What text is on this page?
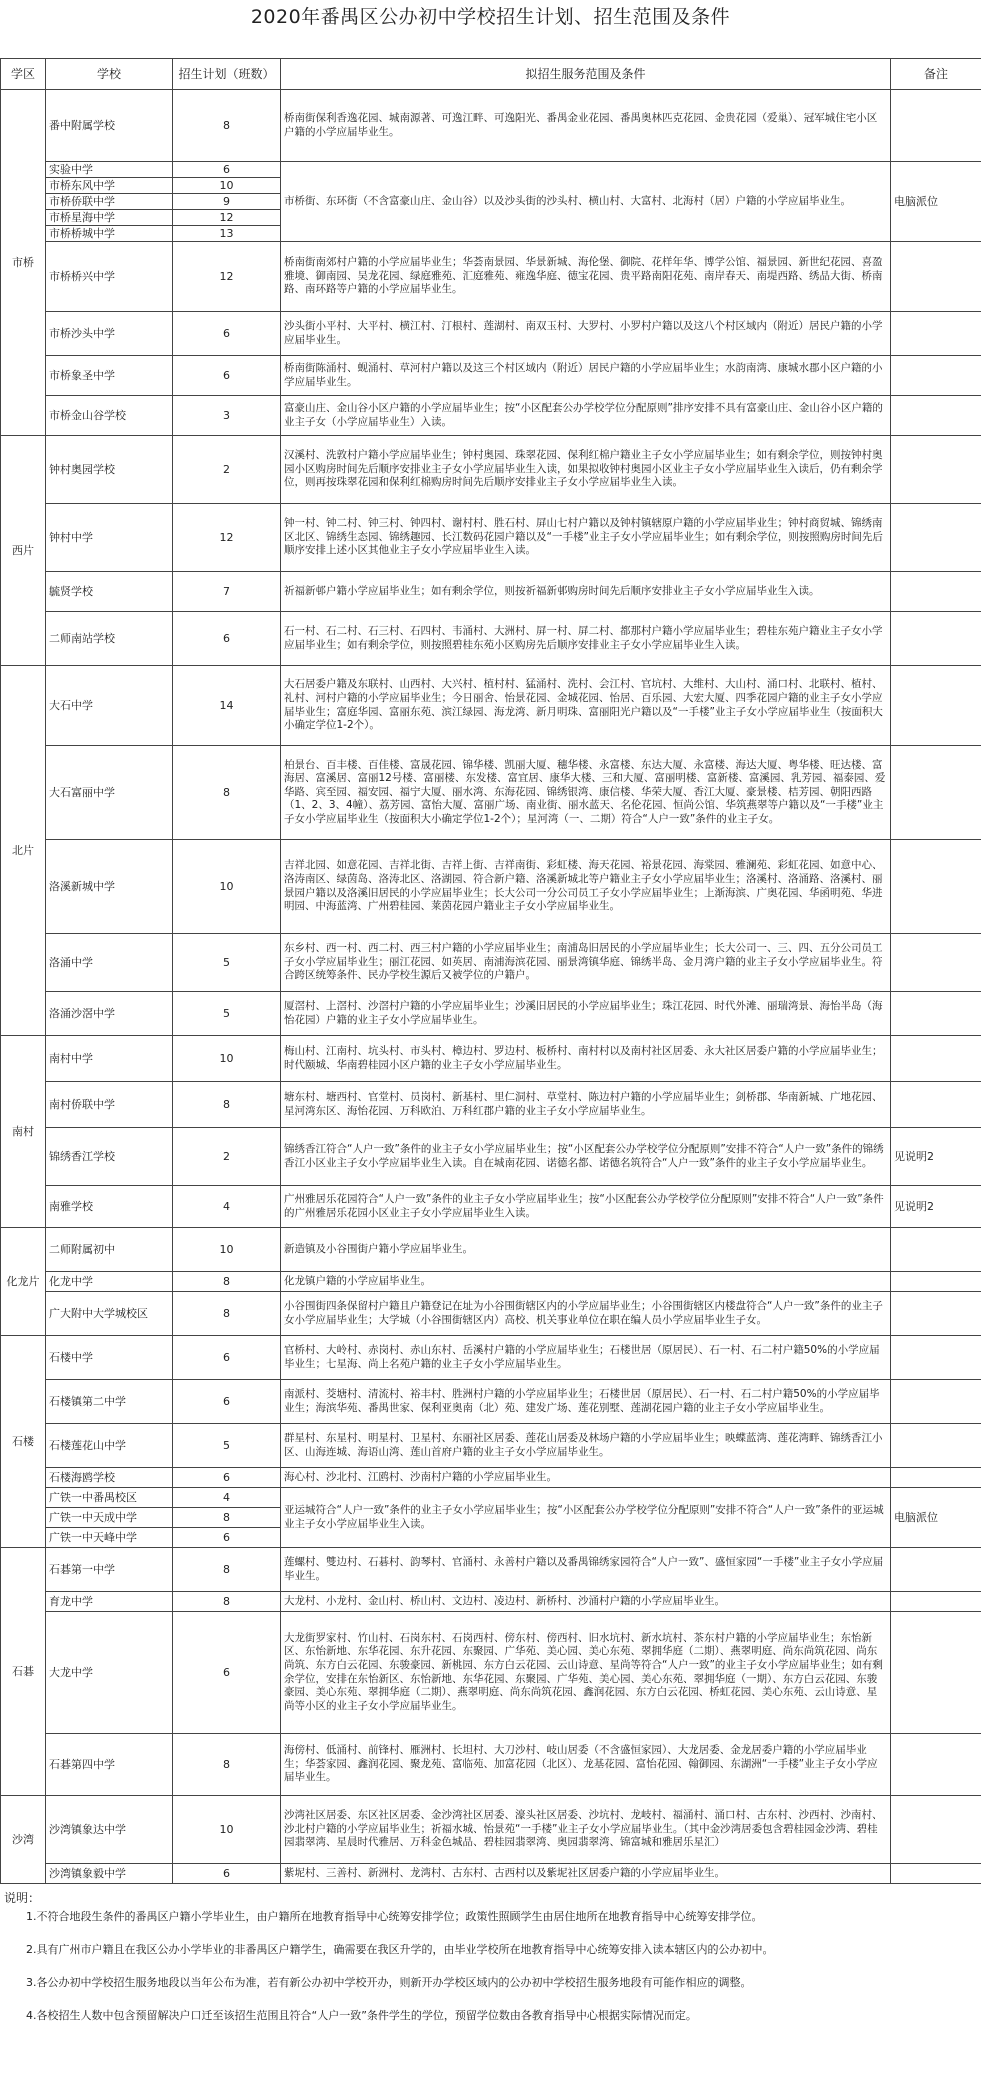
2020年番禺区公办初中学校招生计划、招生范围及条件
学区	学校	招生计划（班数）	拟招生服务范围及条件	备注
市桥	番中附属学校	8	桥南街保利香逸花园、城南源著、可逸江畔、可逸阳光、番禺金业花园、番禺奥林匹克花园、金贵花园（爱巢）、冠军城住宅小区户籍的小学应届毕业生。	
	实验中学	6	市桥街、东环街（不含富豪山庄、金山谷）以及沙头街的沙头村、横山村、大富村、北海村（居）户籍的小学应届毕业生。	电脑派位
	市桥东风中学	10		
	市桥侨联中学	9		
	市桥星海中学	12		
	市桥桥城中学	13		
	市桥桥兴中学	12	桥南街南郊村户籍的小学应届毕业生；华荟南景园、华景新城、海伦堡、御院、花样年华、博学公馆、福景园、新世纪花园、喜盈雅境、御南园、吴龙花园、绿庭雅苑、汇庭雅苑、雍逸华庭、德宝花园、贵平路南阳花苑、南岸春天、南堤西路、绣品大街、桥南路、南环路等户籍的小学应届毕业生。	
	市桥沙头中学	6	沙头街小平村、大平村、横江村、汀根村、莲湖村、南双玉村、大罗村、小罗村户籍以及这八个村区域内（附近）居民户籍的小学应届毕业生。	
	市桥象圣中学	6	桥南街陈涌村、蚬涌村、草河村户籍以及这三个村区域内（附近）居民户籍的小学应届毕业生；水韵南湾、康城水郡小区户籍的小学应届毕业生。	
	市桥金山谷学校	3	富豪山庄、金山谷小区户籍的小学应届毕业生；按“小区配套公办学校学位分配原则”排序安排不具有富豪山庄、金山谷小区户籍的业主子女（小学应届毕业生）入读。	
西片	钟村奥园学校	2	汉溪村、洗敦村户籍小学应届毕业生；钟村奥园、珠翠花园、保利红棉户籍业主子女小学应届毕业生；如有剩余学位，则按钟村奥园小区购房时间先后顺序安排业主子女小学应届毕业生入读，如果拟收钟村奥园小区业主子女小学应届毕业生入读后，仍有剩余学位，则再按珠翠花园和保利红棉购房时间先后顺序安排业主子女小学应届毕业生入读。	
	钟村中学	12	钟一村、钟二村、钟三村、钟四村、谢村村、胜石村、屏山七村户籍以及钟村镇辖原户籍的小学应届毕业生；钟村商贸城、锦绣南区北区、锦绣生态园、锦绣趣园、长江数码花园户籍以及“一手楼”业主子女小学应届毕业生；如有剩余学位，则按照购房时间先后顺序安排上述小区其他业主子女小学应届毕业生入读。	
	毓贤学校	7	祈福新邨户籍小学应届毕业生；如有剩余学位，则按祈福新邨购房时间先后顺序安排业主子女小学应届毕业生入读。	
	二师南站学校	6	石一村、石二村、石三村、石四村、韦涌村、大洲村、屏一村、屏二村、都那村户籍小学应届毕业生；碧桂东苑户籍业主子女小学应届毕业生；如有剩余学位，则按照碧桂东苑小区购房先后顺序安排业主子女小学应届毕业生入读。	
北片	大石中学	14	大石居委户籍及东联村、山西村、大兴村、植村村、猛涌村、洗村、会江村、官坑村、大维村、大山村、涌口村、北联村、植村、礼村、河村户籍的小学应届毕业生；今日丽舍、怡景花园、金城花园、怡居、百乐园、大宏大厦、四季花园户籍的业主子女小学应届毕业生；富庭华园、富丽东苑、滨江绿园、海龙湾、新月明珠、富丽阳光户籍以及“一手楼”业主子女小学应届毕业生（按面积大小确定学位1-2个）。	
	大石富丽中学	8	柏景台、百丰楼、百佳楼、富晟花园、锦华楼、凯丽大厦、穗华楼、永富楼、东达大厦、永富楼、海达大厦、粤华楼、旺达楼、富海居、富溪居、富丽12号楼、富丽楼、东发楼、富宜居、康华大楼、三和大厦、富丽明楼、富新楼、富溪园、乳芳园、福泰园、爱华路、宾至园、福安园、福宁大厦、丽水湾、东海花园、锦绣银湾、康信楼、华荣大厦、香江大厦、豪景楼、桔芳园、朝阳西路（1、2、3、4幢）、荔芳园、富怡大厦、富丽广场、南业街、丽水蓝天、名伦花园、恒尚公馆、华筑燕翠等户籍以及“一手楼”业主子女小学应届毕业生（按面积大小确定学位1-2个）；星河湾（一、二期）符合“人户一致”条件的业主子女。	
	洛溪新城中学	10	吉祥北园、如意花园、吉祥北街、吉祥上街、吉祥南街、彩虹楼、海天花园、裕景花园、海棠园、雅澜苑、彩虹花园、如意中心、洛涛南区、绿茵岛、洛涛北区、洛湖园、符合新户籍、洛溪新城北等户籍业主子女小学应届毕业生；洛溪村、洛涌路、洛溪村、丽景园户籍以及洛溪旧居民的小学应届毕业生；长大公司一分公司员工子女小学应届毕业生；上渐海滨、广奥花园、华函明苑、华进明园、中海蓝湾、广州碧桂园、莱茵花园户籍业主子女小学应届毕业生。	
	洛涌中学	5	东乡村、西一村、西二村、西三村户籍的小学应届毕业生；南浦岛旧居民的小学应届毕业生；长大公司一、三、四、五分公司员工子女小学应届毕业生；丽江花园、如英居、南浦海滨花园、丽景湾镇华庭、锦绣半岛、金月湾户籍的业主子女小学应届毕业生。符合跨区统筹条件、民办学校生源后又被学位的户籍户。	
	洛涌沙滘中学	5	厦滘村、上滘村、沙滘村户籍的小学应届毕业生；沙溪旧居民的小学应届毕业生；珠江花园、时代外滩、丽瑞湾景、海怡半岛（海怡花园）户籍的业主子女小学应届毕业生。	
南村	南村中学	10	梅山村、江南村、坑头村、市头村、樟边村、罗边村、板桥村、南村村以及南村社区居委、永大社区居委户籍的小学应届毕业生；时代颐城、华南碧桂园小区户籍的业主子女小学应届毕业生。	
	南村侨联中学	8	塘东村、塘西村、官堂村、员岗村、新基村、里仁洞村、草堂村、陈边村户籍的小学应届毕业生；剑桥郡、华南新城、广地花园、星河湾东区、海怡花园、万科欧泊、万科红郡户籍的业主子女小学应届毕业生。	
	锦绣香江学校	2	锦绣香江符合“人户一致”条件的业主子女小学应届毕业生；按“小区配套公办学校学位分配原则”安排不符合“人户一致”条件的锦绣香江小区业主子女小学应届毕业生入读。自在城南花园、诺德名都、诺德名筑符合“人户一致”条件的业主子女小学应届毕业生。	见说明2
	南雅学校	4	广州雅居乐花园符合“人户一致”条件的业主子女小学应届毕业生；按“小区配套公办学校学位分配原则”安排不符合“人户一致”条件的广州雅居乐花园小区业主子女小学应届毕业生入读。	见说明2
化龙片	二师附属初中	10	新造镇及小谷围街户籍小学应届毕业生。	
	化龙中学	8	化龙镇户籍的小学应届毕业生。	
	广大附中大学城校区	8	小谷围街四条保留村户籍且户籍登记在址为小谷围街辖区内的小学应届毕业生；小谷围街辖区内楼盘符合“人户一致”条件的业主子女小学应届毕业生；大学城（小谷围街辖区内）高校、机关事业单位在职在编人员小学应届毕业生子女。	
石楼	石楼中学	6	官桥村、大岭村、赤岗村、赤山东村、岳溪村户籍的小学应届毕业生；石楼世居（原居民）、石一村、石二村户籍50%的小学应届毕业生；七星海、尚上名苑户籍的业主子女小学应届毕业生。	
	石楼镇第二中学	6	南派村、茭塘村、清流村、裕丰村、胜洲村户籍的小学应届毕业生；石楼世居（原居民）、石一村、石二村户籍50%的小学应届毕业生；海滨华苑、番禺世家、保利亚奥南（北）苑、建发广场、莲花别墅、莲湖花园户籍的业主子女小学应届毕业生。	
	石楼莲花山中学	5	群星村、东星村、明星村、卫星村、东丽社区居委、莲花山居委及林场户籍的小学应届毕业生；映蝶蓝湾、莲花湾畔、锦绣香江小区、山海连城、海语山湾、莲山首府户籍的业主子女小学应届毕业生。	
	石楼海鸥学校	6	海心村、沙北村、江鸥村、沙南村户籍的小学应届毕业生。	
	广铁一中番禺校区	4	亚运城符合“人户一致”条件的业主子女小学应届毕业生；按“小区配套公办学校学位分配原则”安排不符合“人户一致”条件的亚运城业主子女小学应届毕业生入读。	电脑派位
	广铁一中天成中学	8		
	广铁一中天峰中学	6		
石碁	石碁第一中学	8	莲螺村、雙边村、石碁村、韵琴村、官涌村、永善村户籍以及番禺锦绣家园符合“人户一致”、盛恒家园“一手楼”业主子女小学应届毕业生。	
	育龙中学	8	大龙村、小龙村、金山村、桥山村、文边村、凌边村、新桥村、沙涌村户籍的小学应届毕业生。	
	大龙中学	6	大龙街罗家村、竹山村、石岗东村、石岗西村、傍东村、傍西村、旧水坑村、新水坑村、茶东村户籍的小学应届毕业生；东怡新区、东怡新地、东华花园、东升花园、东聚园、广华苑、美心园、美心东苑、翠拥华庭（二期）、燕翠明庭、尚东尚筑花园、尚东尚筑、东方白云花园、东骏豪园、新桃园、东方白云花园、云山诗意、星尚等符合“人户一致”的业主子女小学应届毕业生；如有剩余学位，安排在东怡新区、东怡新地、东华花园、东聚园、广华苑、美心园、美心东苑、翠拥华庭（一期）、东方白云花园、东骏豪园、美心东苑、翠拥华庭（二期）、燕翠明庭、尚东尚筑花园、鑫润花园、东方白云花园、桥虹花园、美心东苑、云山诗意、星尚等小区的业主子女小学应届毕业生。	
	石碁第四中学	8	海傍村、低涌村、前锋村、雁洲村、长坦村、大刀沙村、岐山居委（不含盛恒家园）、大龙居委、金龙居委户籍的小学应届毕业生；华荟家园、鑫润花园、聚龙苑、富临苑、加富花园（北区）、龙基花园、富怡花园、翰御园、东湖洲“一手楼”业主子女小学应届毕业生。	
沙湾	沙湾镇象达中学	10	沙湾社区居委、东区社区居委、金沙湾社区居委、濠头社区居委、沙坑村、龙岐村、福涌村、涌口村、古东村、沙西村、沙南村、沙北村户籍的小学应届毕业生；祈福水城、怡景苑“一手楼”业主子女小学应届毕业生。（其中金沙湾居委包含碧桂园金沙湾、碧桂园翡翠湾、星晨时代雅居、万科金色城品、碧桂园翡翠湾、奥园翡翠湾、锦富城和雅居乐星汇）	
	沙湾镇象毅中学	6	紫坭村、三善村、新洲村、龙湾村、古东村、古西村以及紫坭社区居委户籍的小学应届毕业生。	
说明：
1.不符合地段生条件的番禺区户籍小学毕业生，由户籍所在地教育指导中心统筹安排学位；政策性照顾学生由居住地所在地教育指导中心统筹安排学位。
2.具有广州市户籍且在我区公办小学毕业的非番禺区户籍学生，确需要在我区升学的，由毕业学校所在地教育指导中心统筹安排入读本辖区内的公办初中。
3.各公办初中学校招生服务地段以当年公布为准，若有新公办初中学校开办，则新开办学校区域内的公办初中学校招生服务地段有可能作相应的调整。
4.各校招生人数中包含预留解决户口迁至该招生范围且符合“人户一致”条件学生的学位，预留学位数由各教育指导中心根据实际情况而定。
